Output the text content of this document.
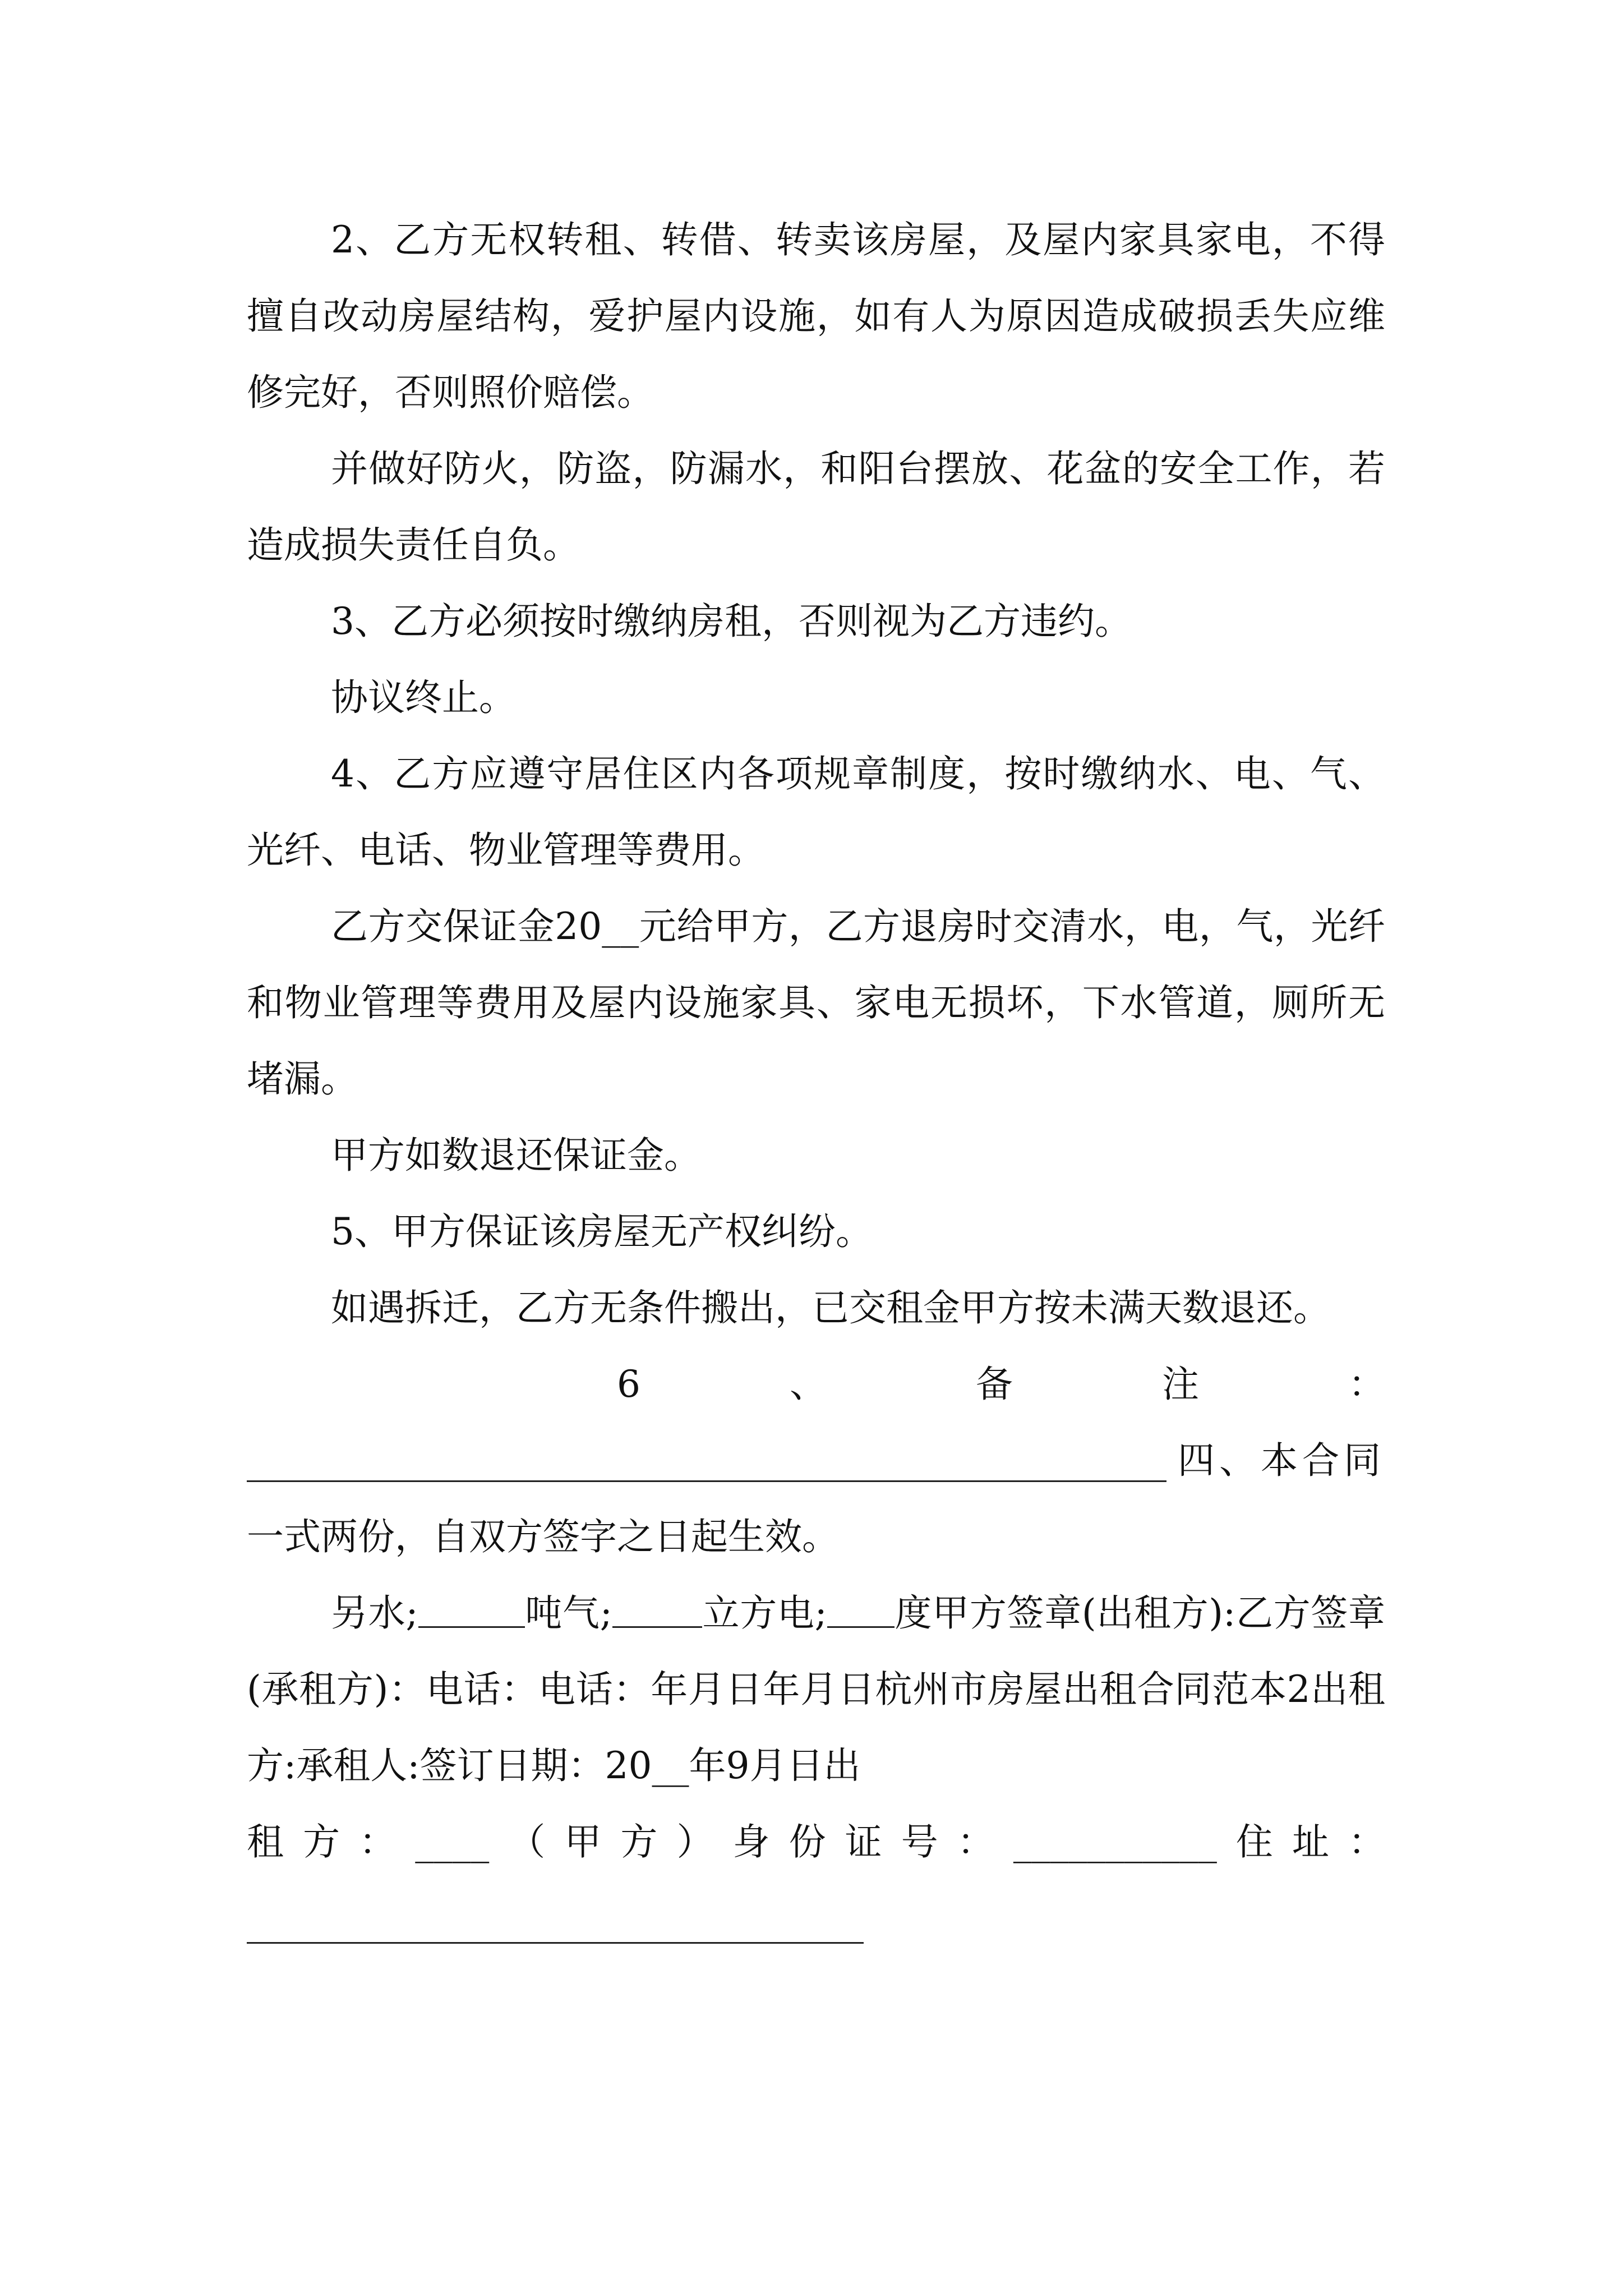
2、乙方无权转租、转借、转卖该房屋，及屋内家具家电，不得擅自改动房屋结构，爱护屋内设施，如有人为原因造成破损丢失应维修完好，否则照价赔偿。

并做好防火，防盗，防漏水，和阳台摆放、花盆的安全工作，若造成损失责任自负。

3、乙方必须按时缴纳房租，否则视为乙方违约。

协议终止。

4、乙方应遵守居住区内各项规章制度，按时缴纳水、电、气、光纤、电话、物业管理等费用。

乙方交保证金20__元给甲方，乙方退房时交清水，电，气，光纤和物业管理等费用及屋内设施家具、家电无损坏，下水管道，厕所无堵漏。

甲方如数退还保证金。

5、甲方保证该房屋无产权纠纷。

如遇拆迁，乙方无条件搬出，已交租金甲方按未满天数退还。

6	、	备	注	：
四、本合同

一式两份，自双方签字之日起生效。

另水;	吨气; 立方电; 度甲方签章(出租方):乙方签章(承租方)：电话：电话：年月日年月日杭州市房屋出租合同范本2出租方:承租人:签订日期：20__年9月日出
租 方 ： ____ （ 甲 方 ） 身 份 证 号 ： ___________ 住 址 ：
